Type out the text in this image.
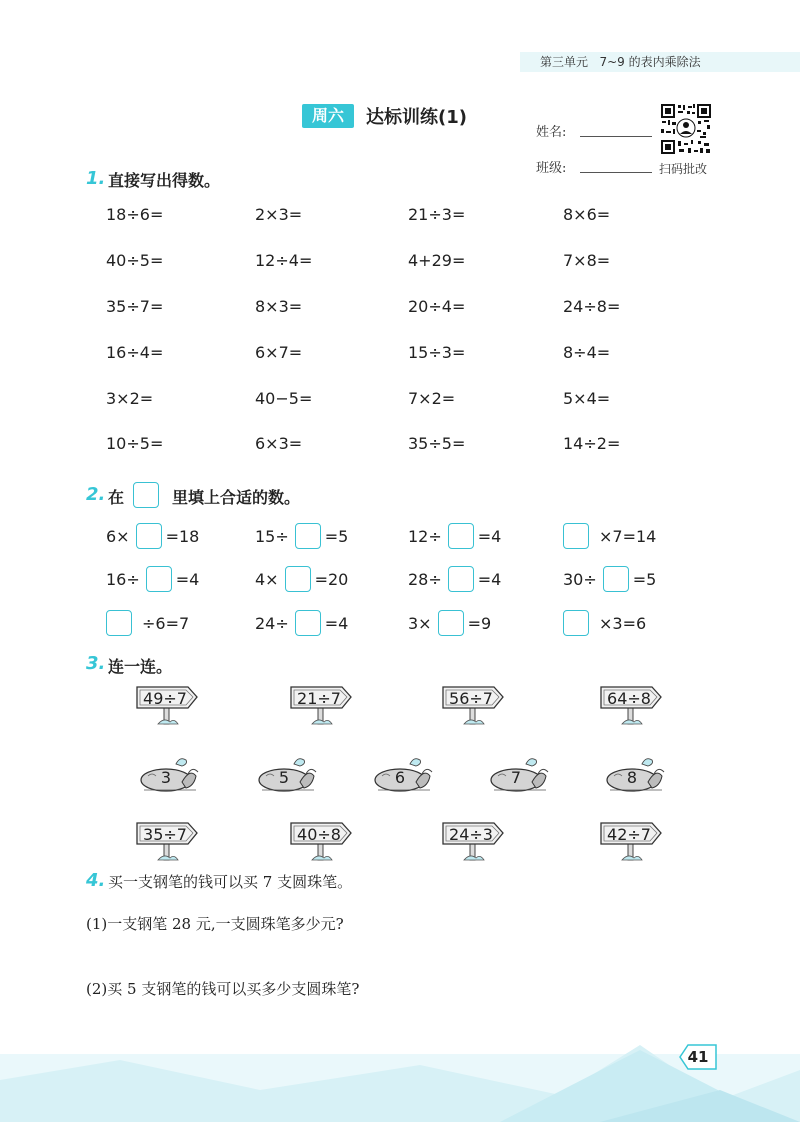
第三单元 7~9 的表内乘除法
周六	达标训练(1)
姓名:
班级:	扫码批改
1. 直接写出得数。
18÷6=	2×3=	21÷3=	8×6=
40÷5=	12÷4=	4+29=	7×8=
35÷7=	8×3=	20÷4=	24÷8=
16÷4=	6×7=	15÷3=	8÷4=
3×2=	40−5=	7×2=	5×4=
10÷5=	6×3=	35÷5=	14÷2=
2. 在	里填上合适的数。
6× =18	15÷ =5	12÷ =4	×7=14
16÷ =4	4× =20	28÷ =4	30÷ =5
÷6=7	24÷ =4	3× =9	×3=6
3. 连一连。
49÷7	21÷7	56÷7	64÷8
35÷7	40÷8	24÷3	42÷7
3	5	6	7	8
4. 买一支钢笔的钱可以买 7 支圆珠笔。
(1)一支钢笔 28 元,一支圆珠笔多少元?
(2)买 5 支钢笔的钱可以买多少支圆珠笔?
41
